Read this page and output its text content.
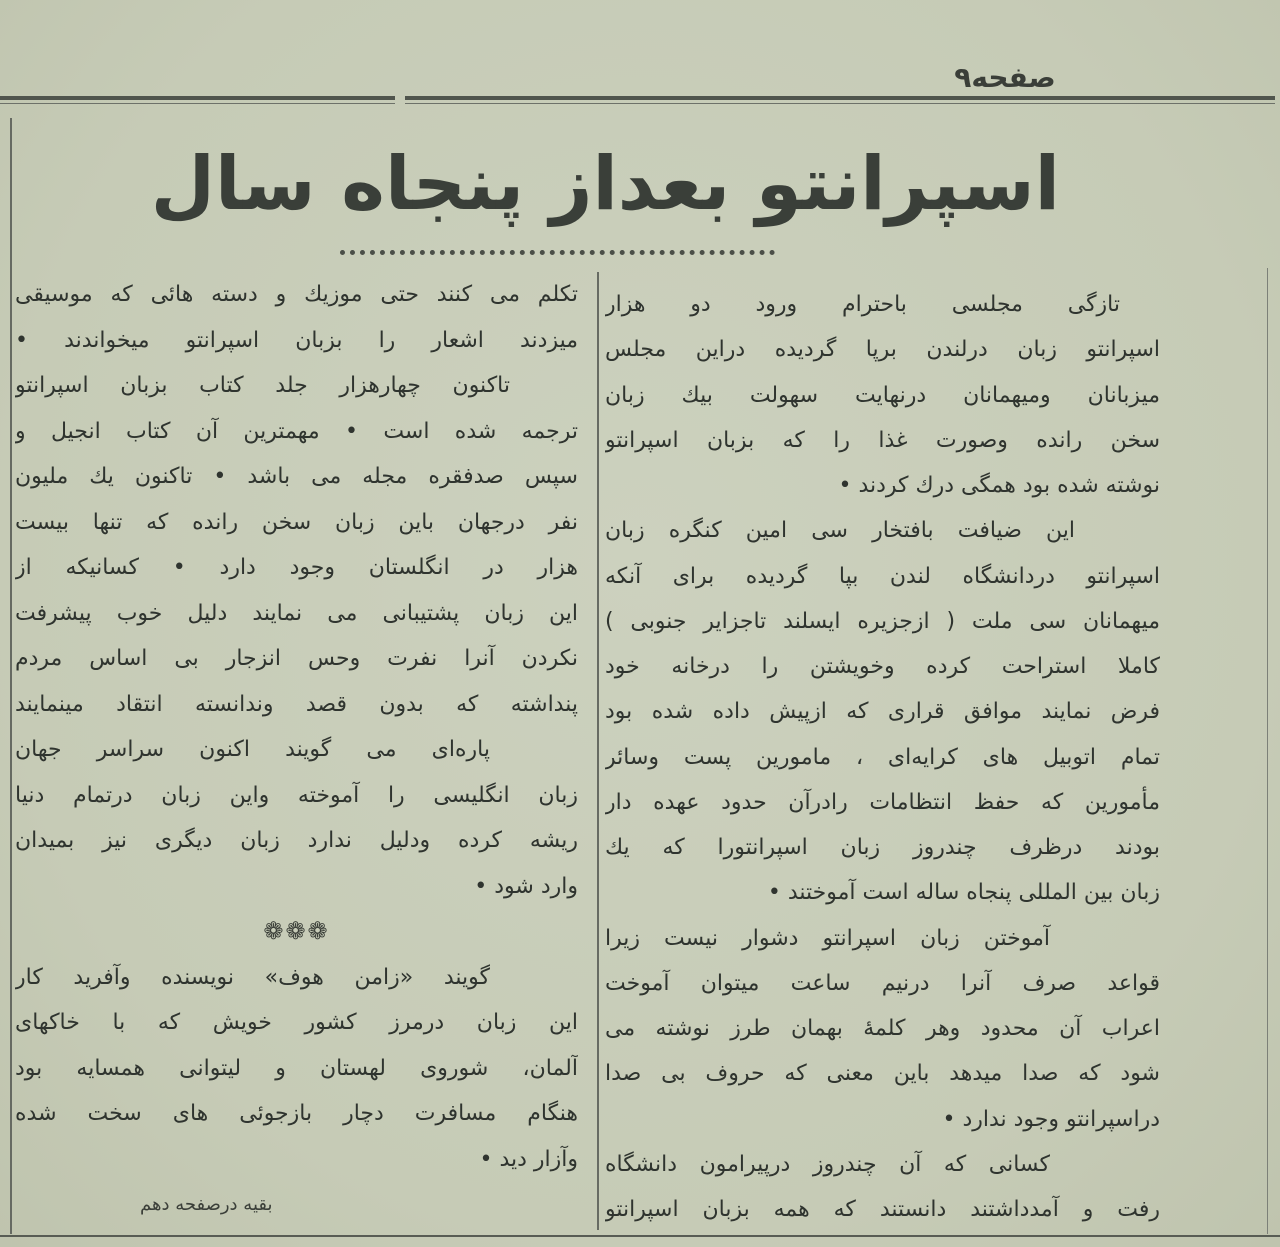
صفحه۹
اسپرانتو بعداز پنجاه سال
تازگی مجلسی باحترام ورود دو هزار
اسپرانتو زبان درلندن برپا گردیده دراین مجلس
میزبانان ومیهمانان درنهایت سهولت بیك زبان
سخن رانده وصورت غذا را که بزبان اسپرانتو
نوشته شده بود همگی درك کردند •
این ضیافت بافتخار سی امین کنگره زبان
اسپرانتو دردانشگاه لندن بپا گردیده برای آنکه
میهمانان سی ملت ( ازجزیره ایسلند تاجزایر جنوبی )
کاملا استراحت کرده وخویشتن را درخانه خود
فرض نمایند موافق قراری که ازپیش داده شده بود
تمام اتوبیل های کرایه‌ای ، مامورین پست وسائر
مأمورین که حفظ انتظامات رادرآن حدود عهده دار
بودند درظرف چندروز زبان اسپرانتورا که یك
زبان بین المللی پنجاه ساله است آموختند •
آموختن زبان اسپرانتو دشوار نیست زیرا
قواعد صرف آنرا درنیم ساعت میتوان آموخت
اعراب آن محدود وهر کلمهٔ بهمان طرز نوشته می
شود که صدا میدهد باین معنی که حروف بی صدا
دراسپرانتو وجود ندارد •
کسانی که آن چندروز درپیرامون دانشگاه
رفت و آمدداشتند دانستند که همه بزبان اسپرانتو
تکلم می کنند حتی موزیك و دسته هائی که موسیقی
میزدند اشعار را بزبان اسپرانتو میخواندند •
تاکنون چهارهزار جلد کتاب بزبان اسپرانتو
ترجمه شده است • مهمترین آن کتاب انجیل و
سپس صدفقره مجله می باشد • تاکنون یك ملیون
نفر درجهان باین زبان سخن رانده که تنها بیست
هزار در انگلستان وجود دارد • کسانیکه از
این زبان پشتیبانی می نمایند دلیل خوب پیشرفت
نکردن آنرا نفرت وحس انزجار بی اساس مردم
پنداشته که بدون قصد وندانسته انتقاد مینمایند
پاره‌ای می گویند اکنون سراسر جهان
زبان انگلیسی را آموخته واین زبان درتمام دنیا
ریشه کرده ودلیل ندارد زبان دیگری نیز بمیدان
وارد شود •
❁❁❁
گویند «زامن هوف» نویسنده وآفرید کار
این زبان درمرز کشور خویش که با خاکهای
آلمان، شوروی لهستان و لیتوانی همسایه بود
هنگام مسافرت دچار بازجوئی های سخت شده
وآزار دید •
بقیه درصفحه دهم
